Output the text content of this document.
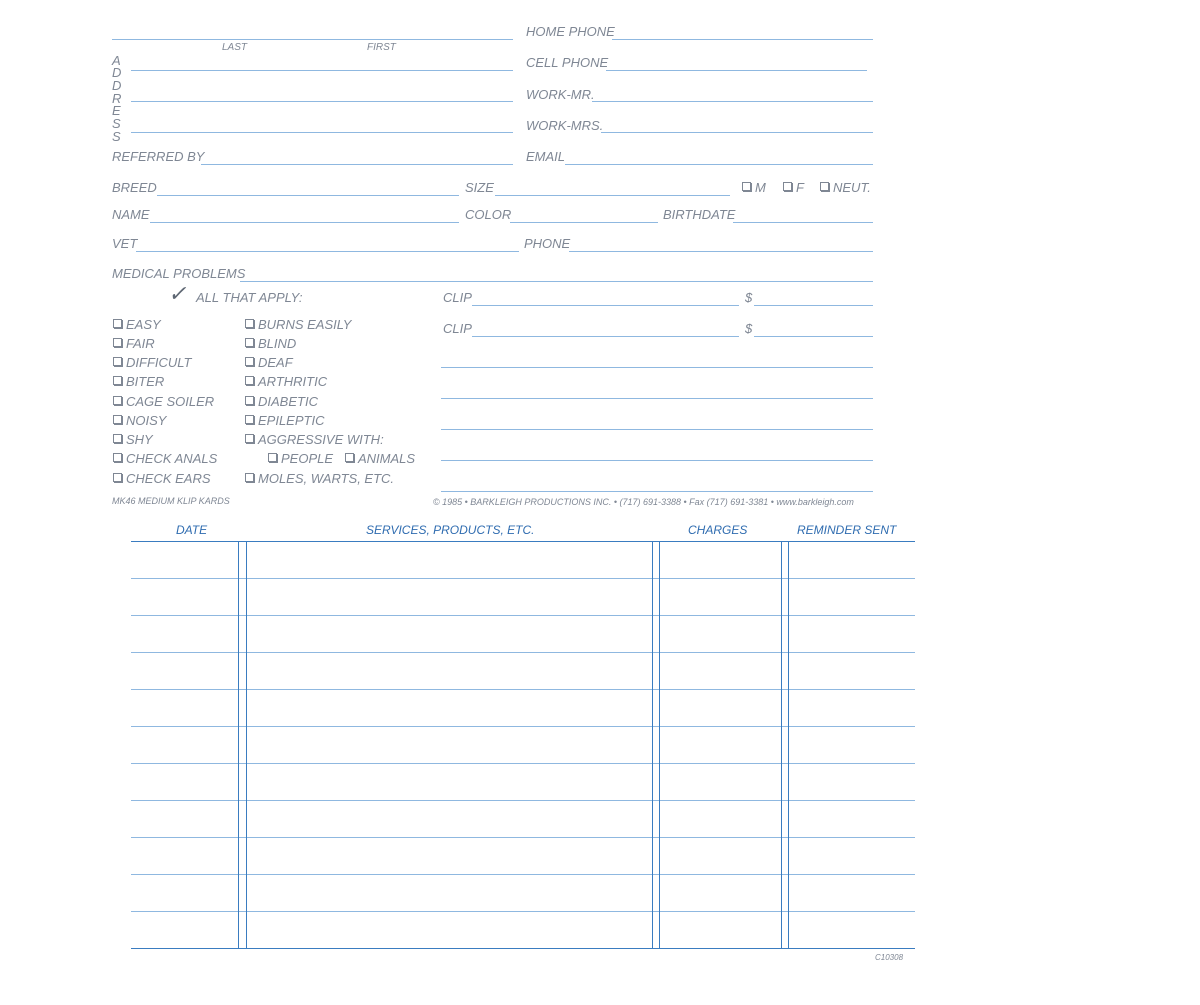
LAST	FIRST
HOME PHONE
A
D
D
R
E
S
S
CELL PHONE
WORK-MR.
WORK-MRS.
REFERRED BY	EMAIL
BREED	SIZE	M	F	NEUT.
NAME	COLOR	BIRTHDATE
VET	PHONE
MEDICAL PROBLEMS
✓ ALL THAT APPLY:
EASY
FAIR
DIFFICULT
BITER
CAGE SOILER
NOISY
SHY
CHECK ANALS
CHECK EARS
BURNS EASILY
BLIND
DEAF
ARTHRITIC
DIABETIC
EPILEPTIC
AGGRESSIVE WITH:
PEOPLE	ANIMALS
MOLES, WARTS, ETC.
CLIP	$
CLIP	$
MK46 MEDIUM KLIP KARDS	© 1985 • BARKLEIGH PRODUCTIONS INC. • (717) 691-3388 • Fax (717) 691-3381 • www.barkleigh.com
DATE	SERVICES, PRODUCTS, ETC.	CHARGES	REMINDER SENT
C10308
